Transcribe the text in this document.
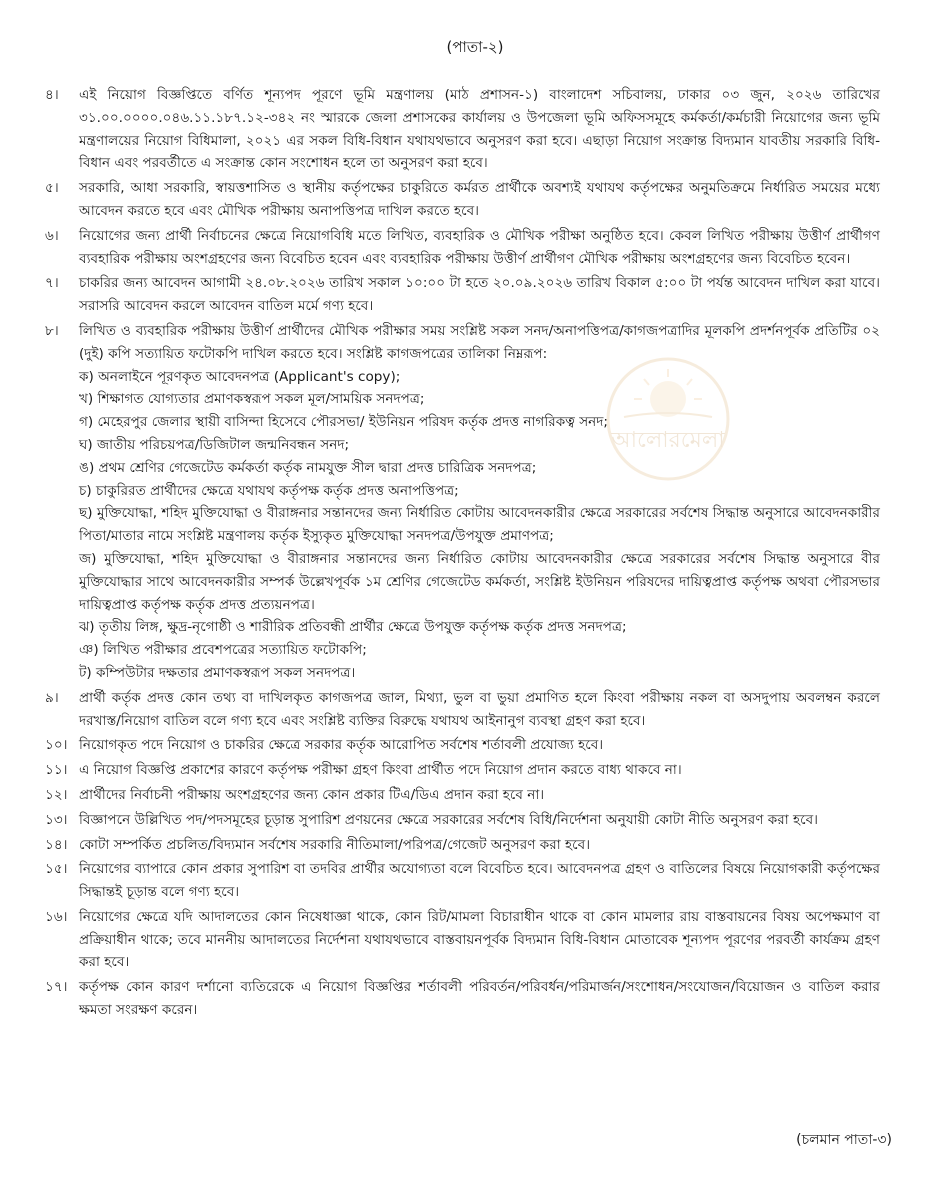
(পাতা-২)
৪।	এই নিয়োগ বিজ্ঞপ্তিতে বর্ণিত শূন্যপদ পূরণে ভূমি মন্ত্রণালয় (মাঠ প্রশাসন-১) বাংলাদেশ সচিবালয়, ঢাকার ০৩ জুন, ২০২৬ তারিখের ৩১.০০.০০০০.০৪৬.১১.১৮৭.১২-৩৪২ নং স্মারকে জেলা প্রশাসকের কার্যালয় ও উপজেলা ভূমি অফিসসমূহে কর্মকর্তা/কর্মচারী নিয়োগের জন্য ভূমি মন্ত্রণালয়ের নিয়োগ বিধিমালা, ২০২১ এর সকল বিধি-বিধান যথাযথভাবে অনুসরণ করা হবে। এছাড়া নিয়োগ সংক্রান্ত বিদ্যমান যাবতীয় সরকারি বিধি-বিধান এবং পরবর্তীতে এ সংক্রান্ত কোন সংশোধন হলে তা অনুসরণ করা হবে।
৫।	সরকারি, আধা সরকারি, স্বায়ত্তশাসিত ও স্থানীয় কর্তৃপক্ষের চাকুরিতে কর্মরত প্রার্থীকে অবশ্যই যথাযথ কর্তৃপক্ষের অনুমতিক্রমে নির্ধারিত সময়ের মধ্যে আবেদন করতে হবে এবং মৌখিক পরীক্ষায় অনাপত্তিপত্র দাখিল করতে হবে।
৬।	নিয়োগের জন্য প্রার্থী নির্বাচনের ক্ষেত্রে নিয়োগবিধি মতে লিখিত, ব্যবহারিক ও মৌখিক পরীক্ষা অনুষ্ঠিত হবে। কেবল লিখিত পরীক্ষায় উত্তীর্ণ প্রার্থীগণ ব্যবহারিক পরীক্ষায় অংশগ্রহণের জন্য বিবেচিত হবেন এবং ব্যবহারিক পরীক্ষায় উত্তীর্ণ প্রার্থীগণ মৌখিক পরীক্ষায় অংশগ্রহণের জন্য বিবেচিত হবেন।
৭।	চাকরির জন্য আবেদন আগামী ২৪.০৮.২০২৬ তারিখ সকাল ১০:০০ টা হতে ২০.০৯.২০২৬ তারিখ বিকাল ৫:০০ টা পর্যন্ত আবেদন দাখিল করা যাবে। সরাসরি আবেদন করলে আবেদন বাতিল মর্মে গণ্য হবে।
৮।	লিখিত ও ব্যবহারিক পরীক্ষায় উত্তীর্ণ প্রার্থীদের মৌখিক পরীক্ষার সময় সংশ্লিষ্ট সকল সনদ/অনাপত্তিপত্র/কাগজপত্রাদির মূলকপি প্রদর্শনপূর্বক প্রতিটির ০২ (দুই) কপি সত্যায়িত ফটোকপি দাখিল করতে হবে। সংশ্লিষ্ট কাগজপত্রের তালিকা নিম্নরূপ:
ক) অনলাইনে পূরণকৃত আবেদনপত্র (Applicant's copy);
খ) শিক্ষাগত যোগ্যতার প্রমাণকস্বরূপ সকল মূল/সাময়িক সনদপত্র;
গ) মেহেরপুর জেলার স্থায়ী বাসিন্দা হিসেবে পৌরসভা/ ইউনিয়ন পরিষদ কর্তৃক প্রদত্ত নাগরিকত্ব সনদ;
ঘ) জাতীয় পরিচয়পত্র/ডিজিটাল জন্মনিবন্ধন সনদ;
ঙ) প্রথম শ্রেণির গেজেটেড কর্মকর্তা কর্তৃক নামযুক্ত সীল দ্বারা প্রদত্ত চারিত্রিক সনদপত্র;
চ) চাকুরিরত প্রার্থীদের ক্ষেত্রে যথাযথ কর্তৃপক্ষ কর্তৃক প্রদত্ত অনাপত্তিপত্র;
ছ) মুক্তিযোদ্ধা, শহিদ মুক্তিযোদ্ধা ও বীরাঙ্গনার সন্তানদের জন্য নির্ধারিত কোটায় আবেদনকারীর ক্ষেত্রে সরকারের সর্বশেষ সিদ্ধান্ত অনুসারে আবেদনকারীর পিতা/মাতার নামে সংশ্লিষ্ট মন্ত্রণালয় কর্তৃক ইস্যুকৃত মুক্তিযোদ্ধা সনদপত্র/উপযুক্ত প্রমাণপত্র;
জ) মুক্তিযোদ্ধা, শহিদ মুক্তিযোদ্ধা ও বীরাঙ্গনার সন্তানদের জন্য নির্ধারিত কোটায় আবেদনকারীর ক্ষেত্রে সরকারের সর্বশেষ সিদ্ধান্ত অনুসারে বীর মুক্তিযোদ্ধার সাথে আবেদনকারীর সম্পর্ক উল্লেখপূর্বক ১ম শ্রেণির গেজেটেড কর্মকর্তা, সংশ্লিষ্ট ইউনিয়ন পরিষদের দায়িত্বপ্রাপ্ত কর্তৃপক্ষ অথবা পৌরসভার দায়িত্বপ্রাপ্ত কর্তৃপক্ষ কর্তৃক প্রদত্ত প্রত্যয়নপত্র।
ঝ) তৃতীয় লিঙ্গ, ক্ষুদ্র-নৃগোষ্ঠী ও শারীরিক প্রতিবন্ধী প্রার্থীর ক্ষেত্রে উপযুক্ত কর্তৃপক্ষ কর্তৃক প্রদত্ত সনদপত্র;
ঞ) লিখিত পরীক্ষার প্রবেশপত্রের সত্যায়িত ফটোকপি;
ট) কম্পিউটার দক্ষতার প্রমাণকস্বরূপ সকল সনদপত্র।
৯।	প্রার্থী কর্তৃক প্রদত্ত কোন তথ্য বা দাখিলকৃত কাগজপত্র জাল, মিথ্যা, ভুল বা ভুয়া প্রমাণিত হলে কিংবা পরীক্ষায় নকল বা অসদুপায় অবলম্বন করলে দরখাস্ত/নিয়োগ বাতিল বলে গণ্য হবে এবং সংশ্লিষ্ট ব্যক্তির বিরুদ্ধে যথাযথ আইনানুগ ব্যবস্থা গ্রহণ করা হবে।
১০। নিয়োগকৃত পদে নিয়োগ ও চাকরির ক্ষেত্রে সরকার কর্তৃক আরোপিত সর্বশেষ শর্তাবলী প্রযোজ্য হবে।
১১। এ নিয়োগ বিজ্ঞপ্তি প্রকাশের কারণে কর্তৃপক্ষ পরীক্ষা গ্রহণ কিংবা প্রার্থীত পদে নিয়োগ প্রদান করতে বাধ্য থাকবে না।
১২। প্রার্থীদের নির্বাচনী পরীক্ষায় অংশগ্রহণের জন্য কোন প্রকার টিএ/ডিএ প্রদান করা হবে না।
১৩। বিজ্ঞাপনে উল্লিখিত পদ/পদসমূহের চূড়ান্ত সুপারিশ প্রণয়নের ক্ষেত্রে সরকারের সর্বশেষ বিধি/নির্দেশনা অনুযায়ী কোটা নীতি অনুসরণ করা হবে।
১৪। কোটা সম্পর্কিত প্রচলিত/বিদ্যমান সর্বশেষ সরকারি নীতিমালা/পরিপত্র/গেজেট অনুসরণ করা হবে।
১৫। নিয়োগের ব্যাপারে কোন প্রকার সুপারিশ বা তদবির প্রার্থীর অযোগ্যতা বলে বিবেচিত হবে। আবেদনপত্র গ্রহণ ও বাতিলের বিষয়ে নিয়োগকারী কর্তৃপক্ষের সিদ্ধান্তই চূড়ান্ত বলে গণ্য হবে।
১৬। নিয়োগের ক্ষেত্রে যদি আদালতের কোন নিষেধাজ্ঞা থাকে, কোন রিট/মামলা বিচারাধীন থাকে বা কোন মামলার রায় বাস্তবায়নের বিষয় অপেক্ষমাণ বা প্রক্রিয়াধীন থাকে; তবে মাননীয় আদালতের নির্দেশনা যথাযথভাবে বাস্তবায়নপূর্বক বিদ্যমান বিধি-বিধান মোতাবেক শূন্যপদ পূরণের পরবর্তী কার্যক্রম গ্রহণ করা হবে।
১৭। কর্তৃপক্ষ কোন কারণ দর্শানো ব্যতিরেকে এ নিয়োগ বিজ্ঞপ্তির শর্তাবলী পরিবর্তন/পরিবর্ধন/পরিমার্জন/সংশোধন/সংযোজন/বিয়োজন ও বাতিল করার ক্ষমতা সংরক্ষণ করেন।
আলোরমেলা
(চলমান পাতা-৩)
